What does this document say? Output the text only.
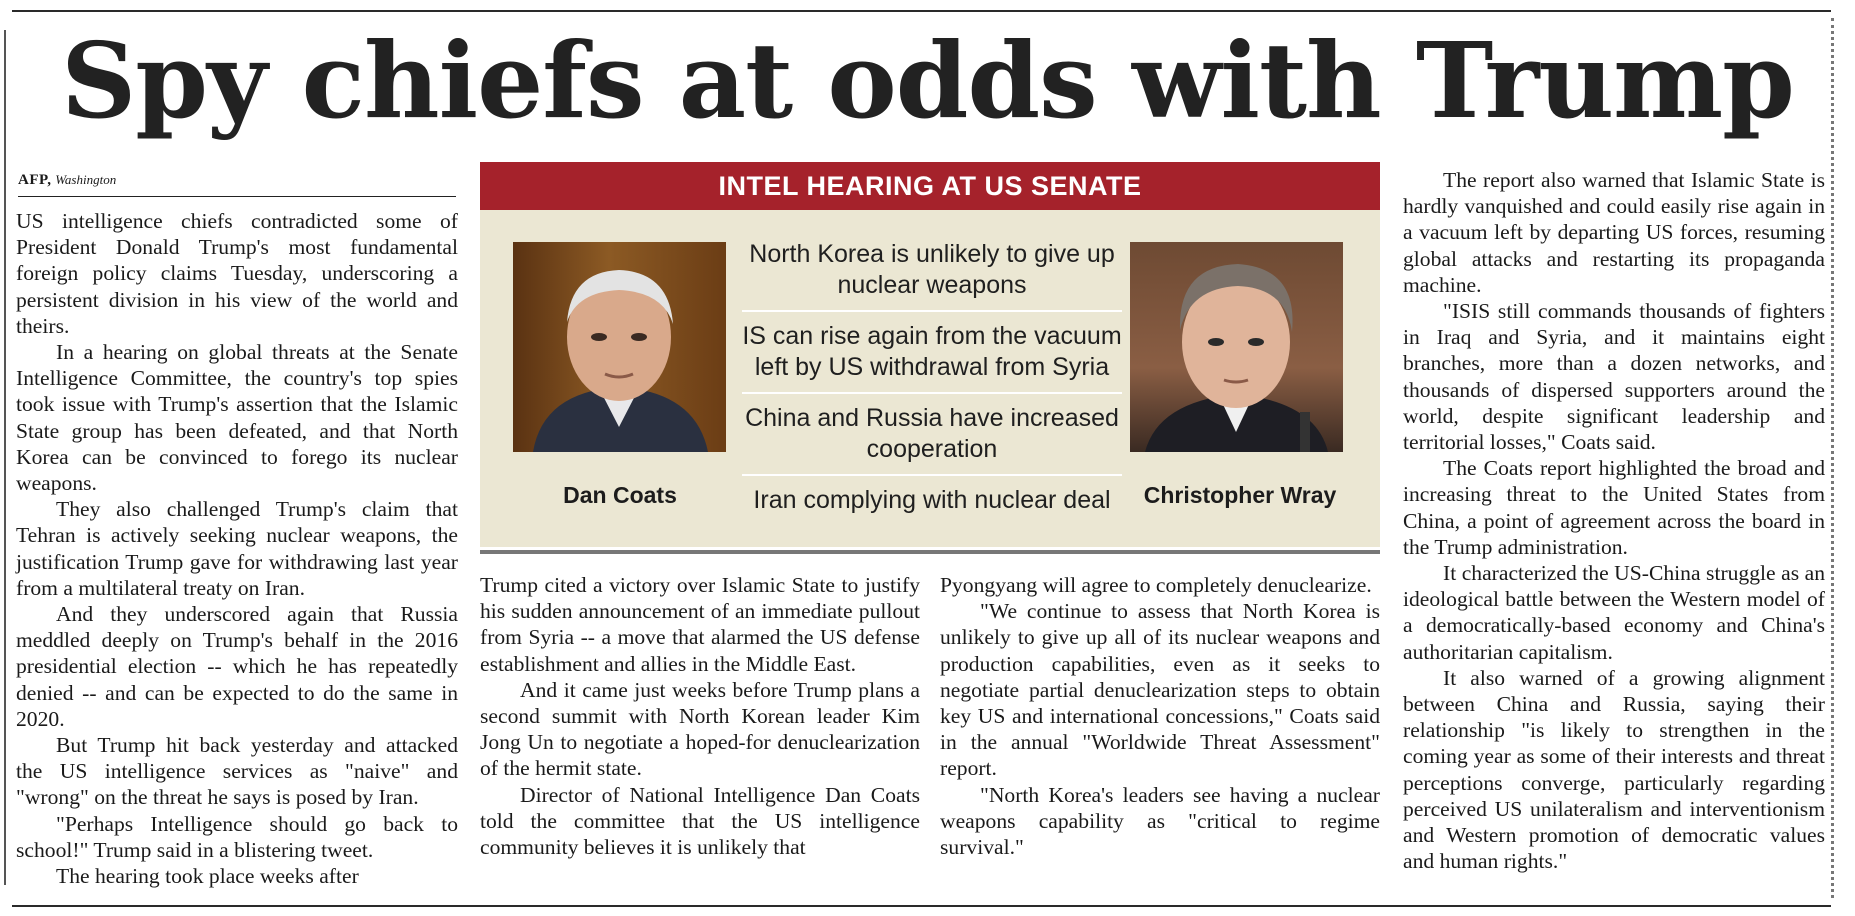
Spy chiefs at odds with Trump
AFP, Washington

US intelligence chiefs contradicted some of President Donald Trump's most fundamental foreign policy claims Tuesday, underscoring a persistent division in his view of the world and theirs.

In a hearing on global threats at the Senate Intelligence Committee, the country's top spies took issue with Trump's assertion that the Islamic State group has been defeated, and that North Korea can be convinced to forego its nuclear weapons.

They also challenged Trump's claim that Tehran is actively seeking nuclear weapons, the justification Trump gave for withdrawing last year from a multilateral treaty on Iran.

And they underscored again that Russia meddled deeply on Trump's behalf in the 2016 presidential election -- which he has repeatedly denied -- and can be expected to do the same in 2020.

But Trump hit back yesterday and attacked the US intelligence services as "naive" and "wrong" on the threat he says is posed by Iran.

"Perhaps Intelligence should go back to school!" Trump said in a blistering tweet.

The hearing took place weeks after

INTEL HEARING AT US SENATE
Dan Coats
North Korea is unlikely to give up nuclear weapons
IS can rise again from the vacuum left by US withdrawal from Syria
China and Russia have increased cooperation
Iran complying with nuclear deal	Christopher Wray

Trump cited a victory over Islamic State to justify his sudden announcement of an immediate pullout from Syria -- a move that alarmed the US defense establishment and allies in the Middle East.

And it came just weeks before Trump plans a second summit with North Korean leader Kim Jong Un to negotiate a hoped-for denuclearization of the hermit state.

Director of National Intelligence Dan Coats told the committee that the US intelligence community believes it is unlikely that

Pyongyang will agree to completely denuclearize.

"We continue to assess that North Korea is unlikely to give up all of its nuclear weapons and production capabilities, even as it seeks to negotiate partial denuclearization steps to obtain key US and international concessions," Coats said in the annual "Worldwide Threat Assessment" report.

"North Korea's leaders see having a nuclear weapons capability as "critical to regime survival."

The report also warned that Islamic State is hardly vanquished and could easily rise again in a vacuum left by departing US forces, resuming global attacks and restarting its propaganda machine.

"ISIS still commands thousands of fighters in Iraq and Syria, and it maintains eight branches, more than a dozen networks, and thousands of dispersed supporters around the world, despite significant leadership and territorial losses," Coats said.

The Coats report highlighted the broad and increasing threat to the United States from China, a point of agreement across the board in the Trump administration.

It characterized the US-China struggle as an ideological battle between the Western model of a democratically-based economy and China's authoritarian capitalism.

It also warned of a growing alignment between China and Russia, saying their relationship "is likely to strengthen in the coming year as some of their interests and threat perceptions converge, particularly regarding perceived US unilateralism and interventionism and Western promotion of democratic values and human rights."
